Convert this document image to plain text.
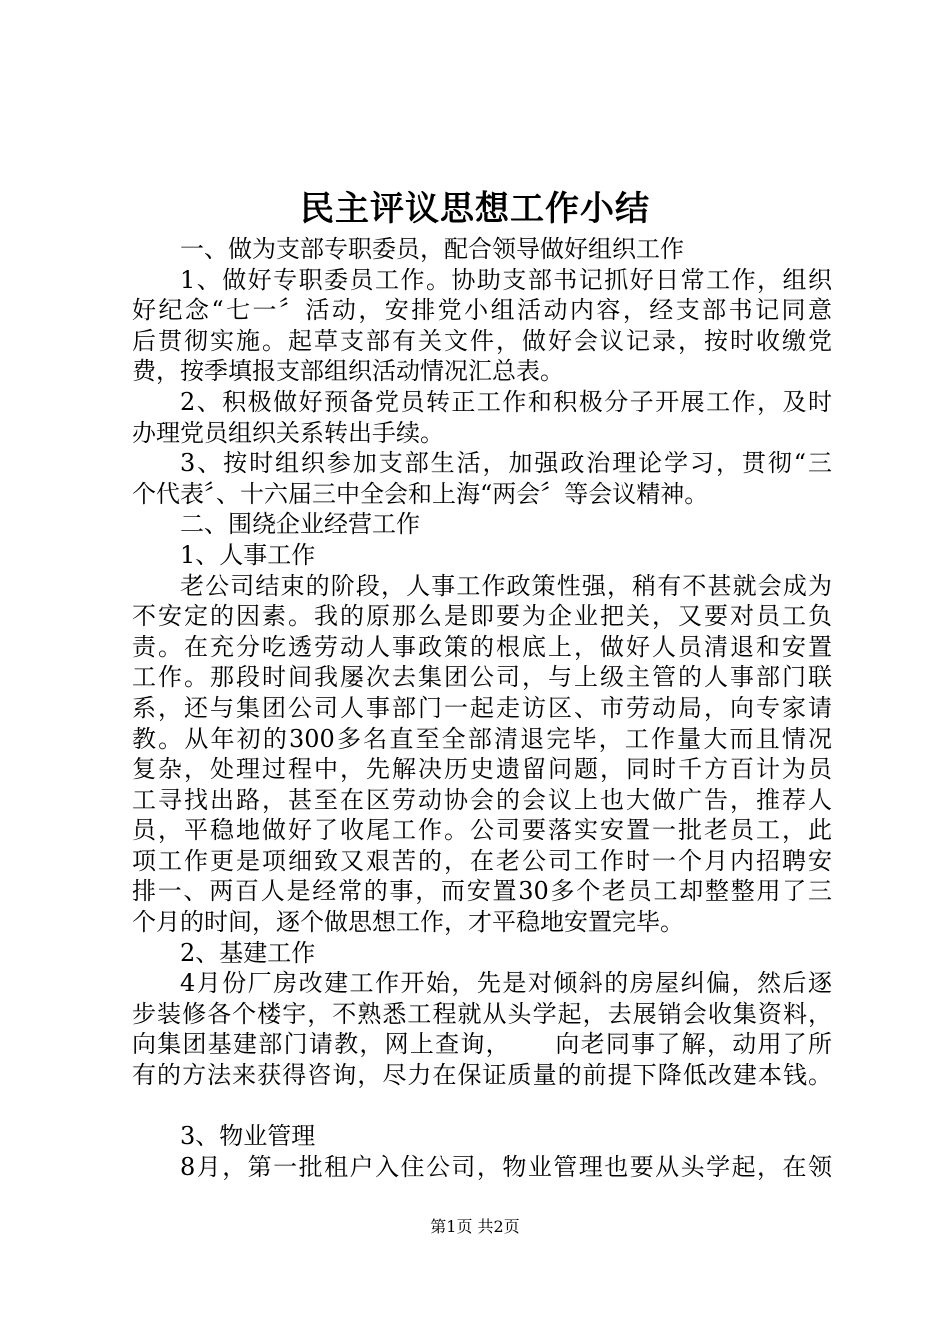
民主评议思想工作小结
一、做为支部专职委员，配合领导做好组织工作
1、做好专职委员工作。协助支部书记抓好日常工作，组织
好纪念“七一〞活动，安排党小组活动内容，经支部书记同意
后贯彻实施。起草支部有关文件，做好会议记录，按时收缴党
费，按季填报支部组织活动情况汇总表。
2、积极做好预备党员转正工作和积极分子开展工作，及时
办理党员组织关系转出手续。
3、按时组织参加支部生活，加强政治理论学习，贯彻“三
个代表〞、十六届三中全会和上海“两会〞等会议精神。
二、围绕企业经营工作
1、人事工作
老公司结束的阶段，人事工作政策性强，稍有不甚就会成为
不安定的因素。我的原那么是即要为企业把关，又要对员工负
责。在充分吃透劳动人事政策的根底上，做好人员清退和安置
工作。那段时间我屡次去集团公司，与上级主管的人事部门联
系，还与集团公司人事部门一起走访区、市劳动局，向专家请
教。从年初的300多名直至全部清退完毕，工作量大而且情况
复杂，处理过程中，先解决历史遗留问题，同时千方百计为员
工寻找出路，甚至在区劳动协会的会议上也大做广告，推荐人
员，平稳地做好了收尾工作。公司要落实安置一批老员工，此
项工作更是项细致又艰苦的，在老公司工作时一个月内招聘安
排一、两百人是经常的事，而安置30多个老员工却整整用了三
个月的时间，逐个做思想工作，才平稳地安置完毕。
2、基建工作
4月份厂房改建工作开始，先是对倾斜的房屋纠偏，然后逐
步装修各个楼宇，不熟悉工程就从头学起，去展销会收集资料，
向集团基建部门请教，网上查询，     向老同事了解，动用了所
有的方法来获得咨询，尽力在保证质量的前提下降低改建本钱。
3、物业管理
8月，第一批租户入住公司，物业管理也要从头学起，在领
第1页 共2页
